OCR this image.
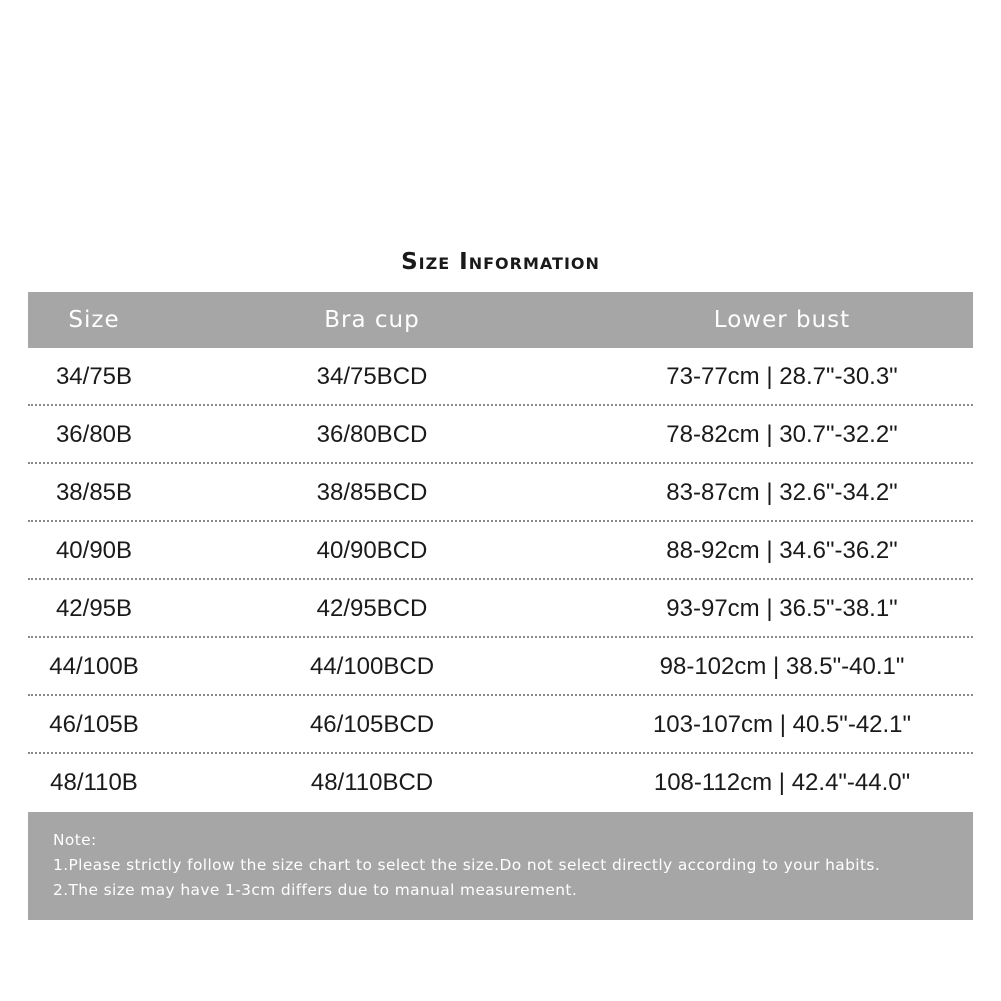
Size Information
Size	Bra cup	Lower bust
34/75B	34/75BCD	73-77cm | 28.7"-30.3"
36/80B	36/80BCD	78-82cm | 30.7"-32.2"
38/85B	38/85BCD	83-87cm | 32.6"-34.2"
40/90B	40/90BCD	88-92cm | 34.6"-36.2"
42/95B	42/95BCD	93-97cm | 36.5"-38.1"
44/100B	44/100BCD	98-102cm | 38.5"-40.1"
46/105B	46/105BCD	103-107cm | 40.5"-42.1"
48/110B	48/110BCD	108-112cm | 42.4"-44.0"
Note:
1.Please strictly follow the size chart to select the size.Do not select directly according to your habits.
2.The size may have 1-3cm differs due to manual measurement.
